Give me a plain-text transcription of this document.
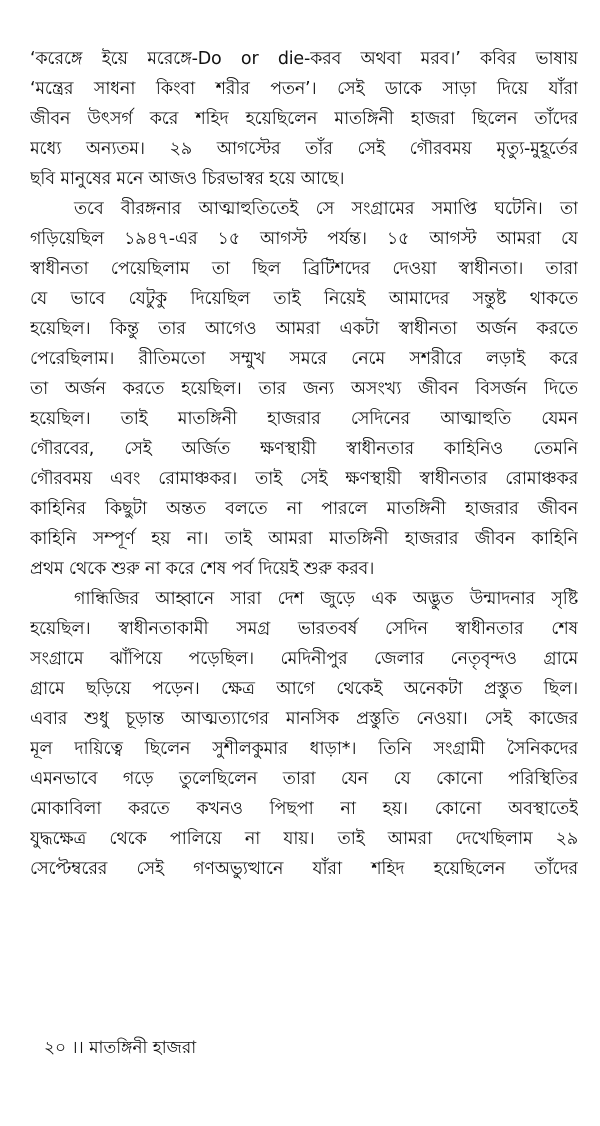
‘করেঙ্গে ইয়ে মরেঙ্গে-Do or die-করব অথবা মরব।’ কবির ভাষায়
‘মন্ত্রের সাধনা কিংবা শরীর পতন’। সেই ডাকে সাড়া দিয়ে যাঁরা
জীবন উৎসর্গ করে শহিদ হয়েছিলেন মাতঙ্গিনী হাজরা ছিলেন তাঁদের
মধ্যে অন্যতম। ২৯ আগস্টের তাঁর সেই গৌরবময় মৃত্যু-মুহূর্তের
ছবি মানুষের মনে আজও চিরভাস্বর হয়ে আছে।
তবে বীরঙ্গনার আত্মাহুতিতেই সে সংগ্রামের সমাপ্তি ঘটেনি। তা
গড়িয়েছিল ১৯৪৭-এর ১৫ আগস্ট পর্যন্ত। ১৫ আগস্ট আমরা যে
স্বাধীনতা পেয়েছিলাম তা ছিল ব্রিটিশদের দেওয়া স্বাধীনতা। তারা
যে ভাবে যেটুকু দিয়েছিল তাই নিয়েই আমাদের সন্তুষ্ট থাকতে
হয়েছিল। কিন্তু তার আগেও আমরা একটা স্বাধীনতা অর্জন করতে
পেরেছিলাম। রীতিমতো সম্মুখ সমরে নেমে সশরীরে লড়াই করে
তা অর্জন করতে হয়েছিল। তার জন্য অসংখ্য জীবন বিসর্জন দিতে
হয়েছিল। তাই মাতঙ্গিনী হাজরার সেদিনের আত্মাহুতি যেমন
গৌরবের, সেই অর্জিত ক্ষণস্থায়ী স্বাধীনতার কাহিনিও তেমনি
গৌরবময় এবং রোমাঞ্চকর। তাই সেই ক্ষণস্থায়ী স্বাধীনতার রোমাঞ্চকর
কাহিনির কিছুটা অন্তত বলতে না পারলে মাতঙ্গিনী হাজরার জীবন
কাহিনি সম্পূর্ণ হয় না। তাই আমরা মাতঙ্গিনী হাজরার জীবন কাহিনি
প্রথম থেকে শুরু না করে শেষ পর্ব দিয়েই শুরু করব।
গান্ধিজির আহ্বানে সারা দেশ জুড়ে এক অদ্ভুত উন্মাদনার সৃষ্টি
হয়েছিল। স্বাধীনতাকামী সমগ্র ভারতবর্ষ সেদিন স্বাধীনতার শেষ
সংগ্রামে ঝাঁপিয়ে পড়েছিল। মেদিনীপুর জেলার নেতৃবৃন্দও গ্রামে
গ্রামে ছড়িয়ে পড়েন। ক্ষেত্র আগে থেকেই অনেকটা প্রস্তুত ছিল।
এবার শুধু চূড়ান্ত আত্মত্যাগের মানসিক প্রস্তুতি নেওয়া। সেই কাজের
মূল দায়িত্বে ছিলেন সুশীলকুমার ধাড়া*। তিনি সংগ্রামী সৈনিকদের
এমনভাবে গড়ে তুলেছিলেন তারা যেন যে কোনো পরিস্থিতির
মোকাবিলা করতে কখনও পিছপা না হয়। কোনো অবস্থাতেই
যুদ্ধক্ষেত্র থেকে পালিয়ে না যায়। তাই আমরা দেখেছিলাম ২৯
সেপ্টেম্বরের সেই গণঅভ্যুত্থানে যাঁরা শহিদ হয়েছিলেন তাঁদের
২০ ।। মাতঙ্গিনী হাজরা
